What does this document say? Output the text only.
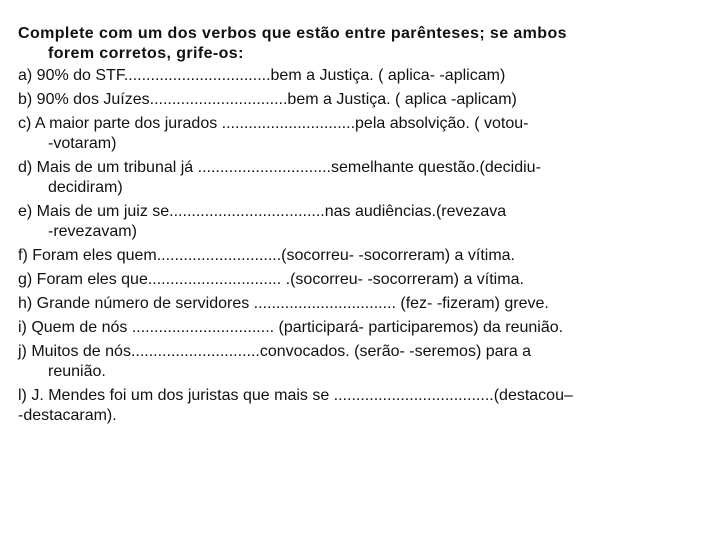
Complete com um dos verbos que estão entre parênteses; se ambos
forem corretos, grife-os:
a) 90% do STF.................................bem a Justiça. ( aplica- -aplicam)
b) 90% dos Juízes...............................bem a Justiça. ( aplica -aplicam)
c) A maior parte dos jurados ..............................pela absolvição. ( votou-
-votaram)
d) Mais de um tribunal já ..............................semelhante questão.(decidiu-
decidiram)
e) Mais de um juiz se...................................nas audiências.(revezava
-revezavam)
f) Foram eles quem............................(socorreu- -socorreram) a vítima.
g) Foram eles que.............................. .(socorreu- -socorreram) a vítima.
h) Grande número de servidores ................................ (fez- -fizeram) greve.
i) Quem de nós ................................ (participará- participaremos) da reunião.
j) Muitos de nós.............................convocados. (serão- -seremos) para a
reunião.
l) J. Mendes foi um dos juristas que mais se ....................................(destacou–
-destacaram).
